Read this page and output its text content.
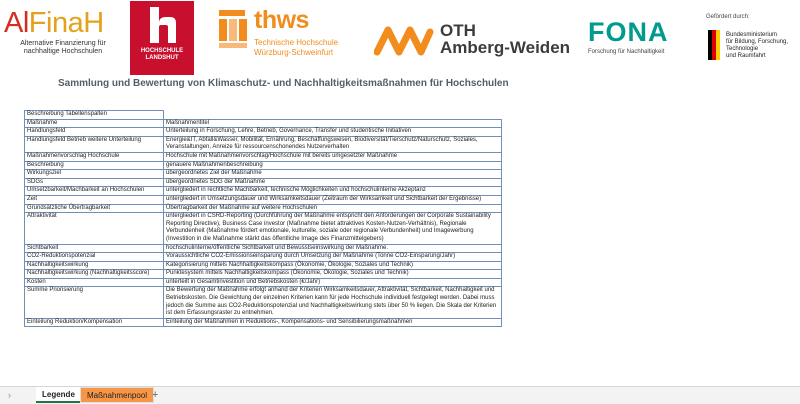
AlFinaH
Alternative Finanzierung für
nachhaltige Hochschulen	HOCHSCHULE
LANDSHUT
thws
Technische Hochschule
Würzburg-Schweinfurt
OTH
Amberg-Weiden
FONA
Forschung für Nachhaltigkeit
Gefördert durch:
Bundesministerium
für Bildung, Forschung, Technologie
und Raumfahrt
Sammlung und Bewertung von Klimaschutz- und Nachhaltigkeitsmaßnahmen für Hochschulen
Beschreibung Tabellenspalten	
Maßnahme	Maßnahmentitel
Handlungsfeld	Unterteilung in Forschung, Lehre, Betrieb, Governance, Transfer und studentische Initiativen
Handlungsfeld Betrieb weitere Unterteilung	Energie&IT, Abfall&Wasser, Mobilität, Ernährung, Beschaffungswesen, Biodiversität/Tierschutz/Naturschutz, Soziales, Veranstaltungen, Anreize für ressourcenschonendes Nutzerverhalten
Maßnahmenvorschlag Hochschule	Hochschule mit Maßnahmenvorschlag/Hochschule mit bereits umgesetzter Maßnahme
Beschreibung	genauere Maßnahmenbeschreibung
Wirkungsziel	übergeordnetes Ziel der Maßnahme
SDGs	übergeordnetes SDG der Maßnahme
Umsetzbarkeit/Machbarkeit an Hochschulen	untergliedert in rechtliche Machbarkeit, technische Möglichkeiten und hochschulinterne Akzeptanz
Zeit	untergliedert in Umsetzungsdauer und Wirksamkeitsdauer (Zeitraum der Wirksamkeit und Sichtbarkeit der Ergebnisse)
Grundsätzliche Übertragbarkeit	Übertragbarkeit der Maßnahme auf weitere Hochschulen
Attraktivität	untergliedert in CSRD-Reporting (Durchführung der Maßnahme entspricht den Anforderungen der Corporate Sustainability Reporting Directive), Business Case investor (Maßnahme bietet attraktives Kosten-Nutzen-Verhältnis), Regionale Verbundenheit (Maßnahme fördert emotionale, kulturelle, soziale oder regionale Verbundenheit) und Imagewerbung (Investition in die Maßnahme stärkt das öffentliche Image des Finanzmittelgebers)
Sichtbarkeit	hochschulinterne/öffentliche Sichtbarkeit und Bewusstseinswirkung der Maßnahme.
CO2-Reduktionspotenzial	Voraussichtliche CO2-Emissionseinsparung durch Umsetzung der Maßnahme (Tonne CO2-Einsparung/Jahr)
Nachhaltigkeitswirkung	Kategorisierung mittels Nachhaltigkeitskompass (Ökonomie, Ökologie, Soziales und Technik)
Nachhaltigkeitswirkung (Nachhaltigkeitsscore)	Punktesystem mittels Nachhaltigkeitskompass (Ökonomie, Ökologie, Soziales und Technik)
Kosten	unterteilt in Gesamtinvestition und Betriebskosten (€/Jahr)
Summe Priorisierung	Die Bewertung der Maßnahme erfolgt anhand der Kriterien Wirksamkeitsdauer, Attraktivität, Sichtbarkeit, Nachhaltigkeit und Betriebskosten. Die Gewichtung der einzelnen Kriterien kann für jede Hochschule individuell festgelegt werden. Dabei muss jedoch die Summe aus CO2-Reduktionspotenzial und Nachhaltigkeitswirkung stets über 50 % liegen. Die Skala der Kriterien ist dem Erfassungsraster zu entnehmen.
Einteilung Reduktion/Kompensation	Einteilung der Maßnahmen in Reduktions-, Kompensations- und Sensibilierungsmaßnahmen
›	Legende	Maßnahmenpool +
